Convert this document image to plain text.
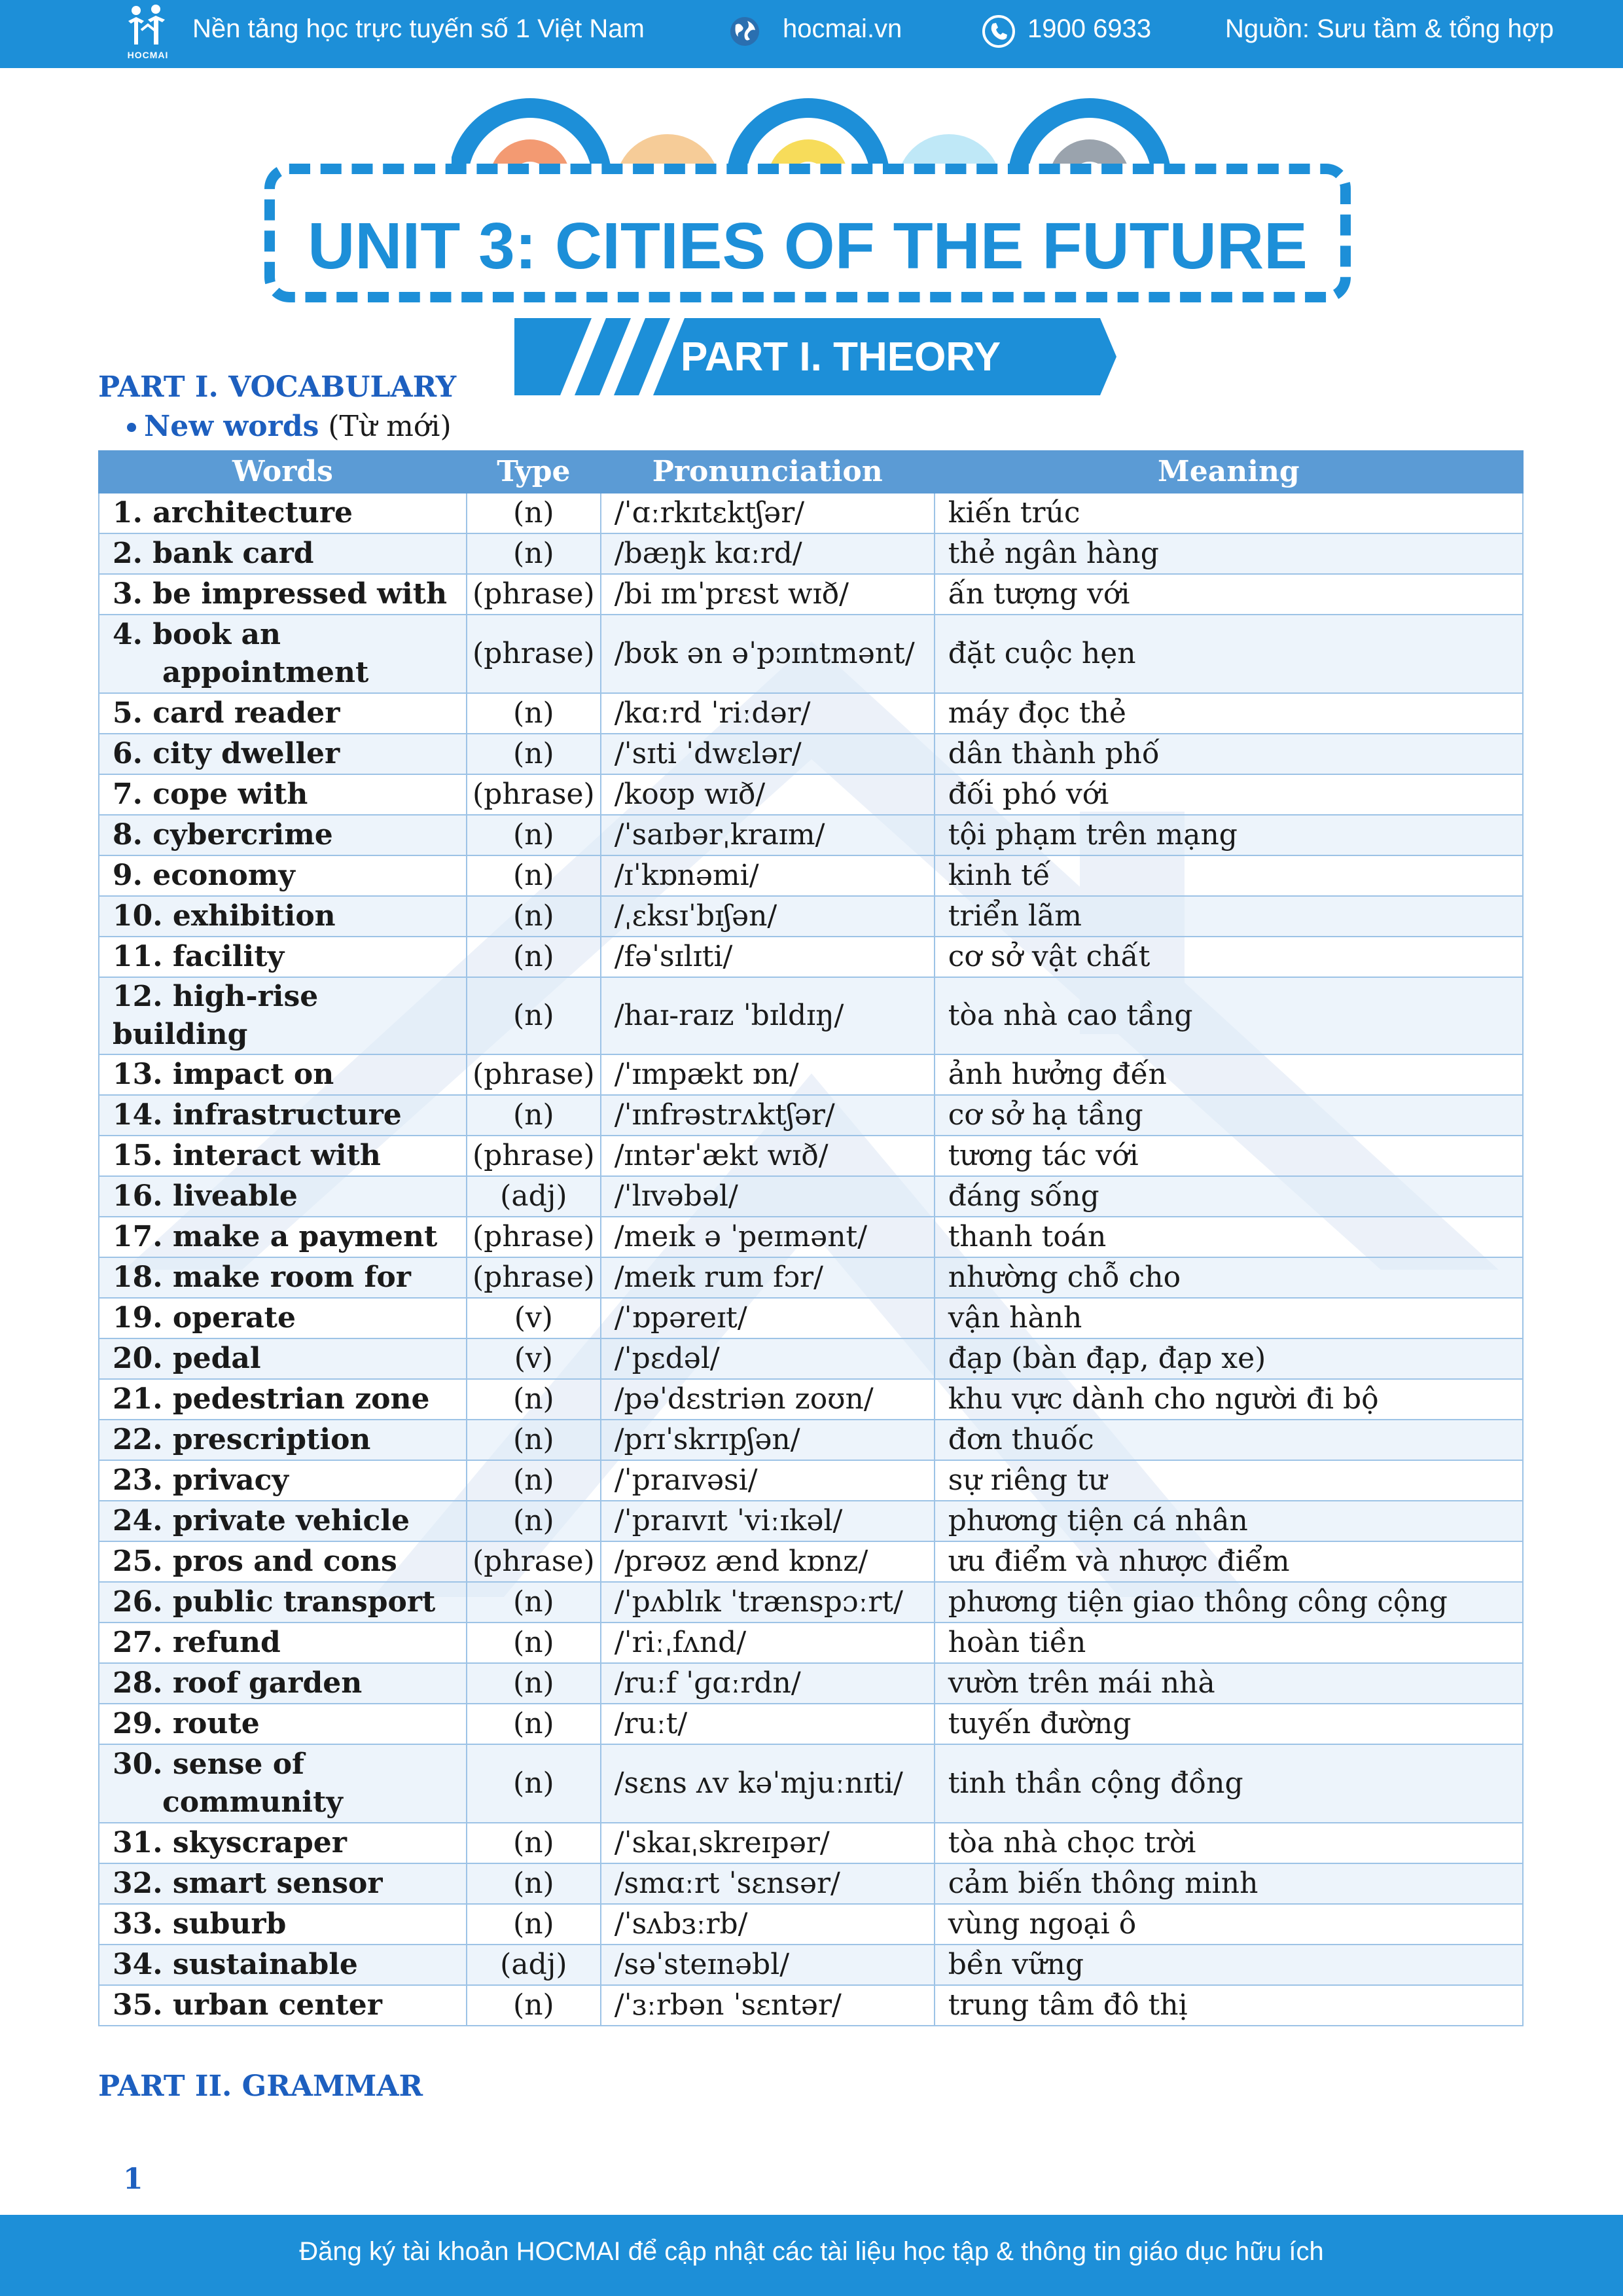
HOCMAI
Nền tảng học trực tuyến số 1 Việt Nam	hocmai.vn	1900 6933	Nguồn: Sưu tầm & tổng hợp
UNIT 3: CITIES OF THE FUTURE
PART I. THEORY
PART I. VOCABULARY
New words (Từ mới)
Words	Type	Pronunciation	Meaning
1. architecture	(n)	/ˈɑːrkɪtɛktʃər/	kiến trúc
2. bank card	(n)	/bæŋk kɑːrd/	thẻ ngân hàng
3. be impressed with	(phrase)	/bi ɪmˈprɛst wɪð/	ấn tượng với
4. book an appointment	(phrase)	/bʊk ən əˈpɔɪntmənt/	đặt cuộc hẹn
5. card reader	(n)	/kɑːrd ˈriːdər/	máy đọc thẻ
6. city dweller	(n)	/ˈsɪti ˈdwɛlər/	dân thành phố
7. cope with	(phrase)	/koʊp wɪð/	đối phó với
8. cybercrime	(n)	/ˈsaɪbərˌkraɪm/	tội phạm trên mạng
9. economy	(n)	/ɪˈkɒnəmi/	kinh tế
10. exhibition	(n)	/ˌɛksɪˈbɪʃən/	triển lãm
11. facility	(n)	/fəˈsɪlɪti/	cơ sở vật chất
12. high-rise building	(n)	/haɪ-raɪz ˈbɪldɪŋ/	tòa nhà cao tầng
13. impact on	(phrase)	/ˈɪmpækt ɒn/	ảnh hưởng đến
14. infrastructure	(n)	/ˈɪnfrəstrʌktʃər/	cơ sở hạ tầng
15. interact with	(phrase)	/ɪntərˈækt wɪð/	tương tác với
16. liveable	(adj)	/ˈlɪvəbəl/	đáng sống
17. make a payment	(phrase)	/meɪk ə ˈpeɪmənt/	thanh toán
18. make room for	(phrase)	/meɪk rum fɔr/	nhường chỗ cho
19. operate	(v)	/ˈɒpəreɪt/	vận hành
20. pedal	(v)	/ˈpɛdəl/	đạp (bàn đạp, đạp xe)
21. pedestrian zone	(n)	/pəˈdɛstriən zoʊn/	khu vực dành cho người đi bộ
22. prescription	(n)	/prɪˈskrɪpʃən/	đơn thuốc
23. privacy	(n)	/ˈpraɪvəsi/	sự riêng tư
24. private vehicle	(n)	/ˈpraɪvɪt ˈviːɪkəl/	phương tiện cá nhân
25. pros and cons	(phrase)	/prəʊz ænd kɒnz/	ưu điểm và nhược điểm
26. public transport	(n)	/ˈpʌblɪk ˈtrænspɔːrt/	phương tiện giao thông công cộng
27. refund	(n)	/ˈriːˌfʌnd/	hoàn tiền
28. roof garden	(n)	/ruːf ˈɡɑːrdn/	vườn trên mái nhà
29. route	(n)	/ruːt/	tuyến đường
30. sense of community	(n)	/sɛns ʌv kəˈmjuːnɪti/	tinh thần cộng đồng
31. skyscraper	(n)	/ˈskaɪˌskreɪpər/	tòa nhà chọc trời
32. smart sensor	(n)	/smɑːrt ˈsɛnsər/	cảm biến thông minh
33. suburb	(n)	/ˈsʌbɜːrb/	vùng ngoại ô
34. sustainable	(adj)	/səˈsteɪnəbl/	bền vững
35. urban center	(n)	/ˈɜːrbən ˈsɛntər/	trung tâm đô thị
PART II. GRAMMAR
1
Đăng ký tài khoản HOCMAI để cập nhật các tài liệu học tập & thông tin giáo dục hữu ích
